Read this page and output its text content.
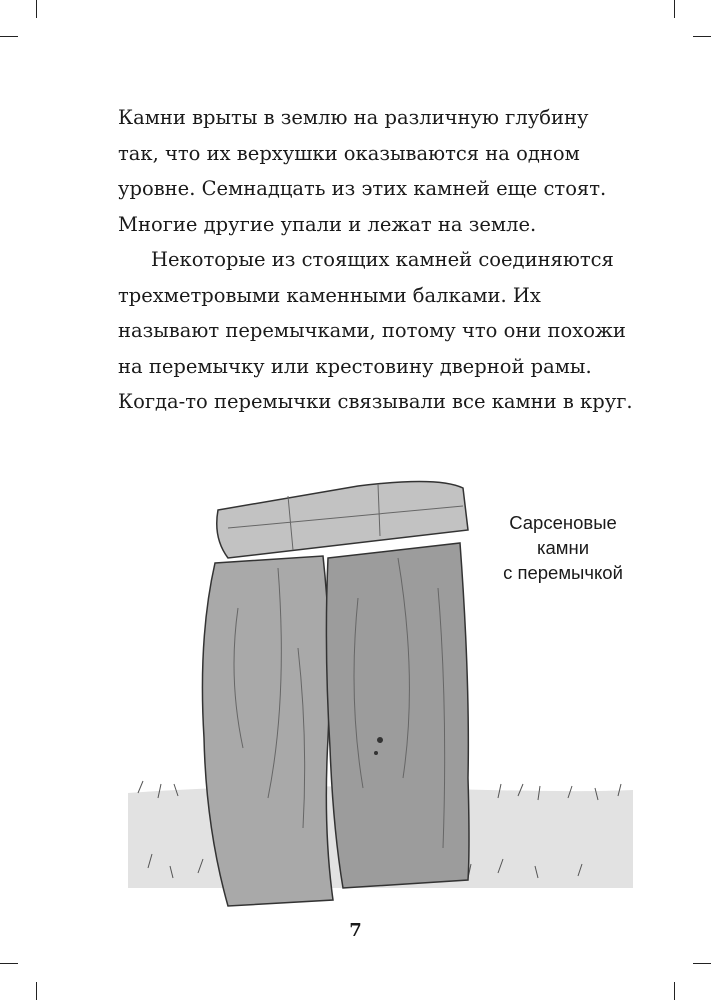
Камни врыты в землю на различную глубину
так, что их верхушки оказываются на одном
уровне. Семнадцать из этих камней еще стоят.
Многие другие упали и лежат на земле.
Некоторые из стоящих камней соединяются
трехметровыми каменными балками. Их
называют перемычками, потому что они похожи
на перемычку или крестовину дверной рамы.
Когда-то перемычки связывали все камни в круг.
Сарсеновые
камни
с перемычкой
7
